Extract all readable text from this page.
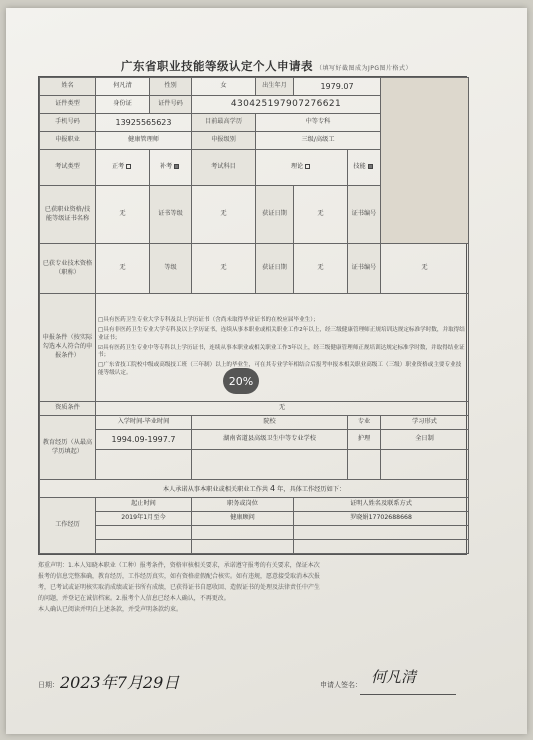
广东省职业技能等级认定个人申请表 （填写好截图成为JPG图片格式）
姓名	何凡清	性别	女	出生年月	1979.07		

证件类型	身份证	证件号码	430425197907276621				
手机号码	13925565623		目前最高学历	中等专科			
申报职业	健康管理师		申报级别	三级/高级工			
考试类型	正考	补考	考试科目	理论		技能	
已获职业资格/技能等级证书名称	无	证书等级	无	获证日期	无	证书编号	
已获专业技术资格（职称）	无	等级	无	获证日期	无	证书编号	无
申报条件（按实际勾选本人符合的申报条件）	□具有医药卫生专业大学专科及以上学历证书（含尚未取得毕业证书的在校应届毕业生）；
□具有非医药卫生专业大学专科及以上学历证书，连续从事本职业或相关职业工作2年以上，经三级健康管理师正规培训达规定标准学时数，并取得结业证书；
☑具有医药卫生专业中等专科以上学历证书，连续从事本职业或相关职业工作3年以上，经三级健康管理师正规培训达规定标准学时数，并取得结业证书；
□广东省技工院校中级或高级技工班（三年制）以上的毕业生，可在其专业学年相结合后报考申报本相关职业高级工（三级）职业资格或主要专业技能等级认定。						

资质条件	无						
教育经历（从最高学历填起）	入学时间-毕业时间		院校			专业	学习形式
	1994.09-1997.7		湖南省道县高级卫生中等专业学校			护理	全日制

本人承诺从事本职业或相关职业工作共 4 年，具体工作经历如下：							
工作经历	起止时间		职务或岗位		证明人姓名及联系方式		
	2019年1月至今		健康顾问		罗晓娟17702688668		

20%
郑重声明：1.本人知晓本职业（工种）报考条件，资格审核相关要求，承诺遵守报考的有关要求，保证本次
报考的信息完整准确，教育经历，工作经历真实，如有资格虚假配合核实。如有违规，愿意接受取消本次报
考，已考试或证明核实取消成绩或证书所有成绩，已获得证书自愿收回、造假证书的处理及法律责任中产生
的问题，并登记在诚信档案。2.报考个人信息已经本人确认，不再更改。
本人确认已阅读并明白上述条款，并受声明条款约束。
日期： 2023年7月29日	申请人签名： 何凡清
